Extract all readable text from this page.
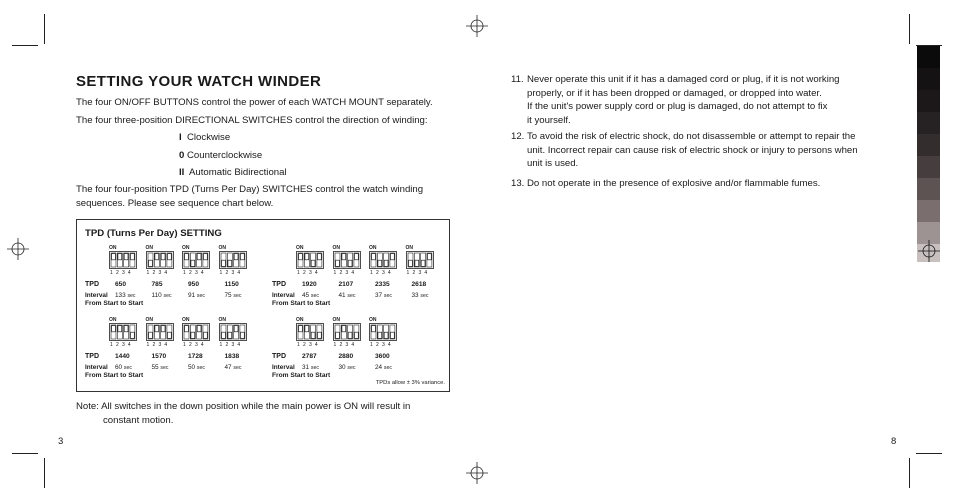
SETTING YOUR WATCH WINDER
The four ON/OFF BUTTONS control the power of each WATCH MOUNT separately.
The four three-position DIRECTIONAL SWITCHES control the direction of winding:
I Clockwise
0 Counterclockwise
II Automatic Bidirectional
The four four-position TPD (Turns Per Day) SWITCHES control the watch winding
sequences. Please see sequence chart below.
TPD (Turns Per Day) SETTING
TPD
Interval
From Start to Start
ON
1 2 3 4
650
133 sec
ON
1 2 3 4
785
110 sec
ON
1 2 3 4
950
91 sec
ON
1 2 3 4
1150
75 sec
TPD
Interval
From Start to Start
ON
1 2 3 4
1920
45 sec
ON
1 2 3 4
2107
41 sec
ON
1 2 3 4
2335
37 sec
ON
1 2 3 4
2618
33 sec
TPD
Interval
From Start to Start
ON
1 2 3 4
1440
60 sec
ON
1 2 3 4
1570
55 sec
ON
1 2 3 4
1728
50 sec
ON
1 2 3 4
1838
47 sec
TPD
Interval
From Start to Start
ON
1 2 3 4
2787
31 sec
ON
1 2 3 4
2880
30 sec
ON
1 2 3 4
3600
24 sec
TPDs allow ± 3% variance.
Note: All switches in the down position while the main power is ON will result in
constant motion.
3
11. Never operate this unit if it has a damaged cord or plug, if it is not working
properly, or if it has been dropped or damaged, or dropped into water.
If the unit's power supply cord or plug is damaged, do not attempt to fix
it yourself.
12. To avoid the risk of electric shock, do not disassemble or attempt to repair the
unit. Incorrect repair can cause risk of electric shock or injury to persons when
unit is used.
13. Do not operate in the presence of explosive and/or flammable fumes.
8
